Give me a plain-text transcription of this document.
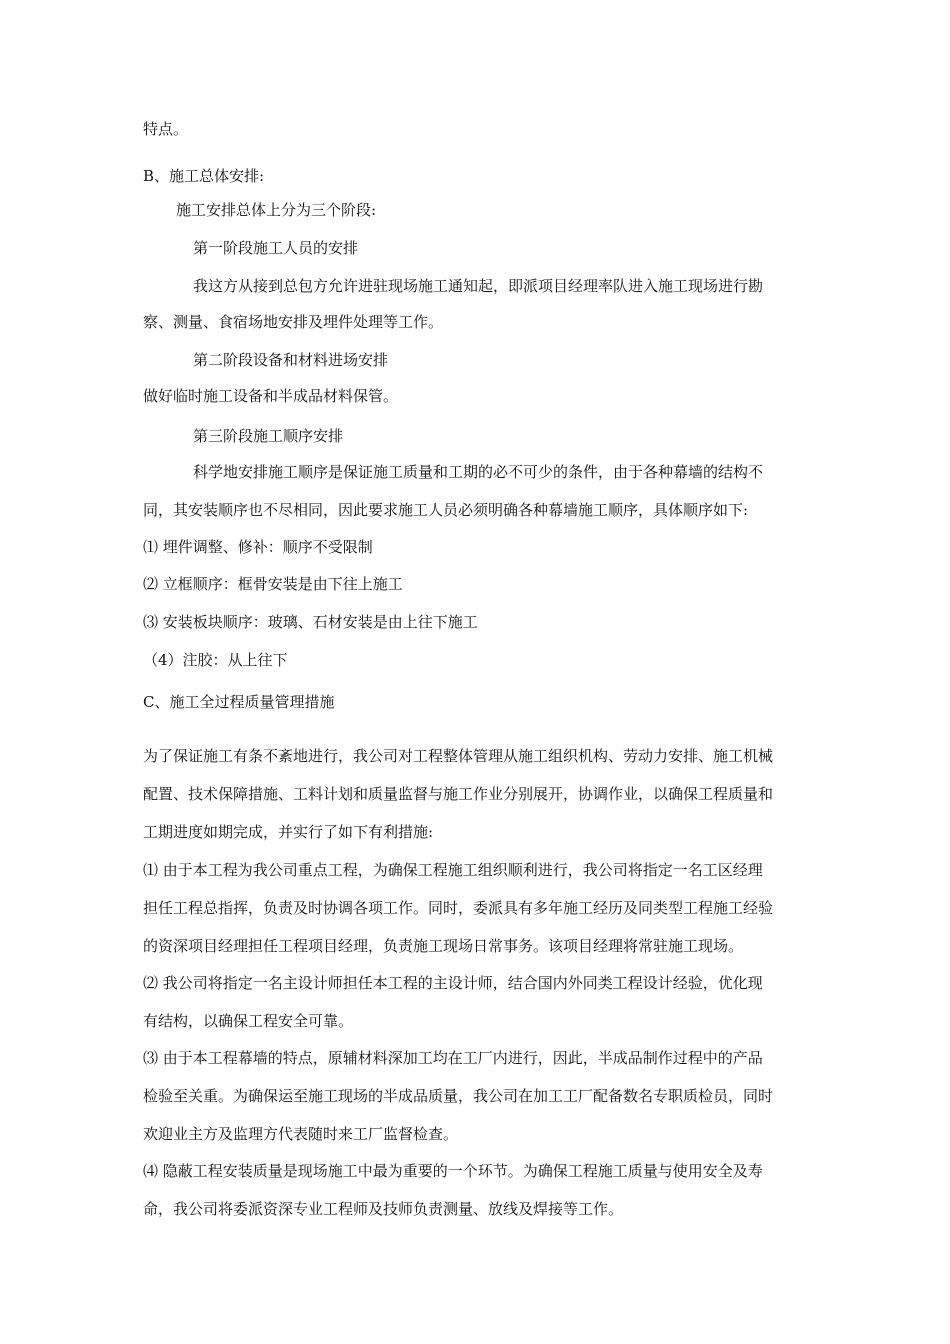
特点。
B、施工总体安排:
施工安排总体上分为三个阶段:
第一阶段施工人员的安排
我这方从接到总包方允许进驻现场施工通知起，即派项目经理率队进入施工现场进行勘
察、测量、食宿场地安排及埋件处理等工作。
第二阶段设备和材料进场安排
做好临时施工设备和半成品材料保管。
第三阶段施工顺序安排
科学地安排施工顺序是保证施工质量和工期的必不可少的条件，由于各种幕墙的结构不
同，其安装顺序也不尽相同，因此要求施工人员必须明确各种幕墙施工顺序，具体顺序如下:
⑴ 埋件调整、修补：顺序不受限制
⑵ 立框顺序：框骨安装是由下往上施工
⑶ 安装板块顺序：玻璃、石材安装是由上往下施工
（4）注胶：从上往下
C、施工全过程质量管理措施
为了保证施工有条不紊地进行，我公司对工程整体管理从施工组织机构、劳动力安排、施工机械
配置、技术保障措施、工料计划和质量监督与施工作业分别展开，协调作业，以确保工程质量和
工期进度如期完成，并实行了如下有利措施:
⑴ 由于本工程为我公司重点工程，为确保工程施工组织顺利进行，我公司将指定一名工区经理
担任工程总指挥，负责及时协调各项工作。同时，委派具有多年施工经历及同类型工程施工经验
的资深项目经理担任工程项目经理，负责施工现场日常事务。该项目经理将常驻施工现场。
⑵ 我公司将指定一名主设计师担任本工程的主设计师，结合国内外同类工程设计经验，优化现
有结构，以确保工程安全可靠。
⑶ 由于本工程幕墙的特点，原辅材料深加工均在工厂内进行，因此，半成品制作过程中的产品
检验至关重。为确保运至施工现场的半成品质量，我公司在加工工厂配备数名专职质检员，同时
欢迎业主方及监理方代表随时来工厂监督检查。
⑷ 隐蔽工程安装质量是现场施工中最为重要的一个环节。为确保工程施工质量与使用安全及寿
命，我公司将委派资深专业工程师及技师负责测量、放线及焊接等工作。
